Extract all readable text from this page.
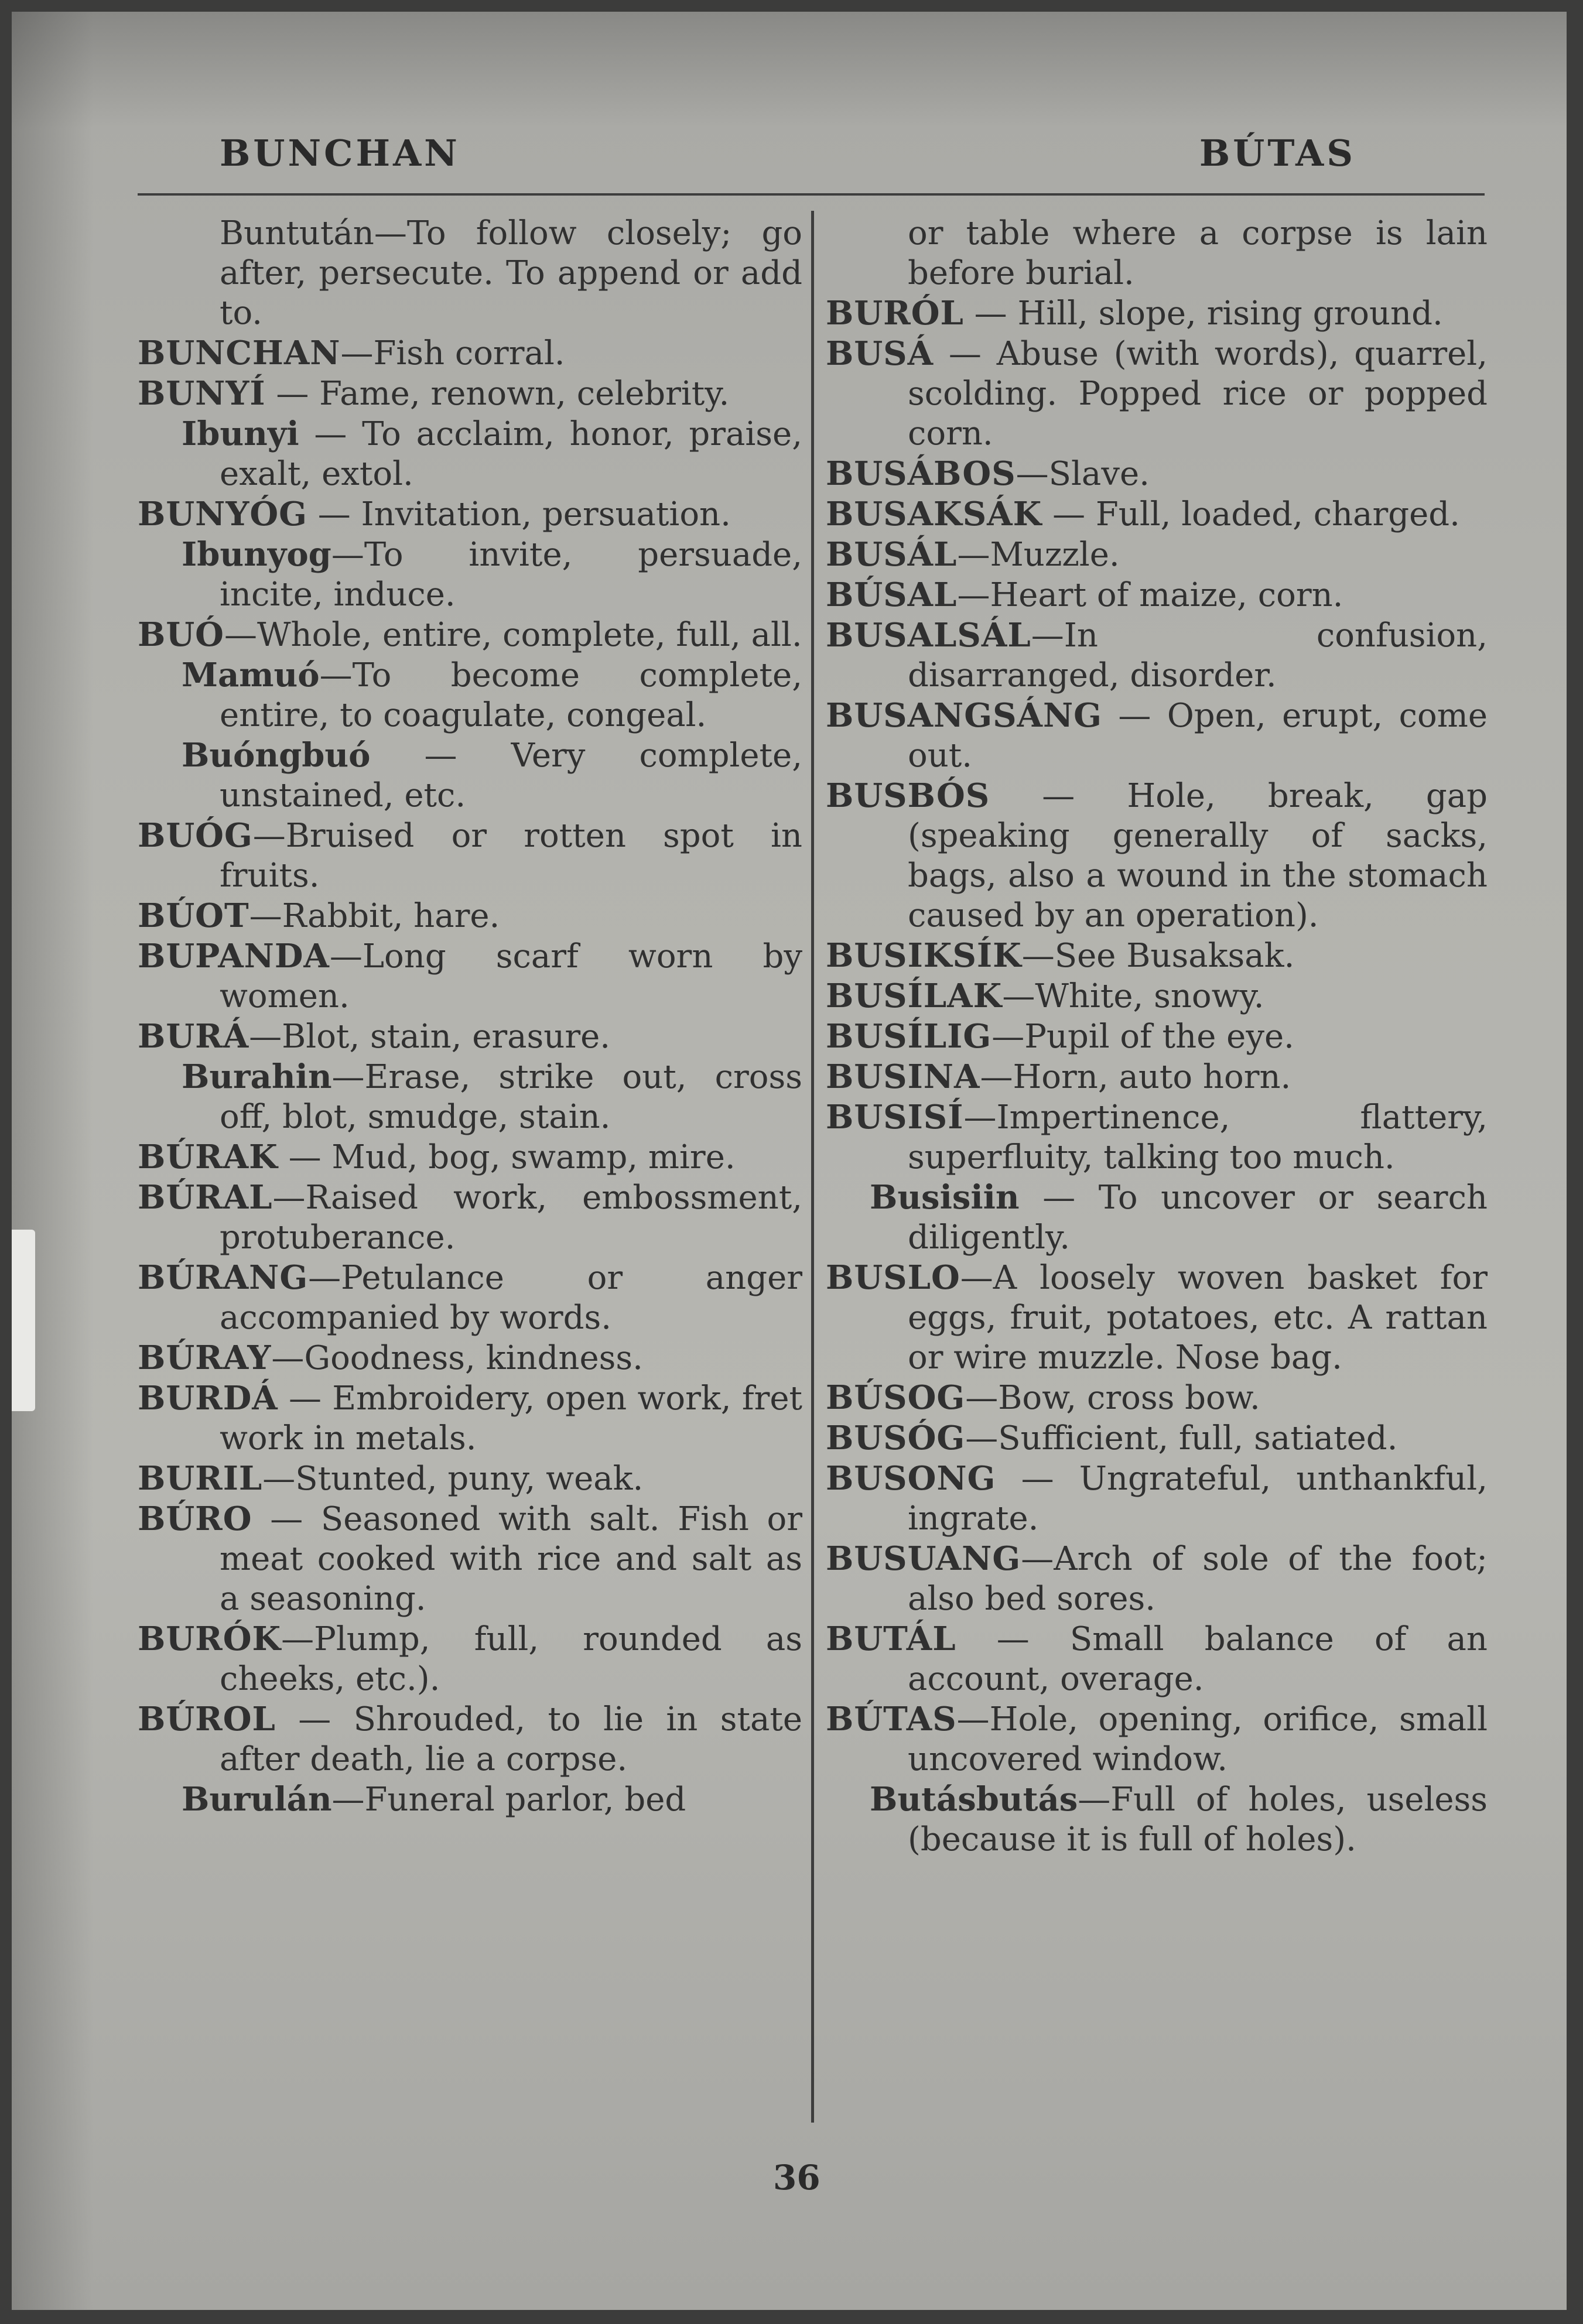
BUNCHAN	BÚTAS

Buntután—To follow closely; go after, persecute. To append or add to.

BUNCHAN—Fish corral.

BUNYÍ — Fame, renown, celebrity.

Ibunyi — To acclaim, honor, praise, exalt, extol.

BUNYÓG — Invitation, persuation.

Ibunyog—To invite, persuade, incite, induce.

BUÓ—Whole, entire, complete, full, all.

Mamuó—To become complete, entire, to coagulate, congeal.

Buóngbuó — Very complete, unstained, etc.

BUÓG—Bruised or rotten spot in fruits.

BÚOT—Rabbit, hare.

BUPANDA—Long scarf worn by women.

BURÁ—Blot, stain, erasure.

Burahin—Erase, strike out, cross off, blot, smudge, stain.

BÚRAK — Mud, bog, swamp, mire.

BÚRAL—Raised work, embossment, protuberance.

BÚRANG—Petulance or anger accompanied by words.

BÚRAY—Goodness, kindness.

BURDÁ — Embroidery, open work, fret work in metals.

BURIL—Stunted, puny, weak.

BÚRO — Seasoned with salt. Fish or meat cooked with rice and salt as a seasoning.

BURÓK—Plump, full, rounded as cheeks, etc.).

BÚROL — Shrouded, to lie in state after death, lie a corpse.

Burulán—Funeral parlor, bed

or table where a corpse is lain before burial.

BURÓL — Hill, slope, rising ground.

BUSÁ — Abuse (with words), quarrel, scolding. Popped rice or popped corn.

BUSÁBOS—Slave.

BUSAKSÁK — Full, loaded, charged.

BUSÁL—Muzzle.

BÚSAL—Heart of maize, corn.

BUSALSÁL—In confusion, disarranged, disorder.

BUSANGSÁNG — Open, erupt, come out.

BUSBÓS — Hole, break, gap (speaking generally of sacks, bags, also a wound in the stomach caused by an operation).

BUSIKSÍK—See Busaksak.

BUSÍLAK—White, snowy.

BUSÍLIG—Pupil of the eye.

BUSINA—Horn, auto horn.

BUSISÍ—Impertinence, flattery, superfluity, talking too much.

Busisiin — To uncover or search diligently.

BUSLO—A loosely woven basket for eggs, fruit, potatoes, etc. A rattan or wire muzzle. Nose bag.

BÚSOG—Bow, cross bow.

BUSÓG—Sufficient, full, satiated.

BUSONG — Ungrateful, unthankful, ingrate.

BUSUANG—Arch of sole of the foot; also bed sores.

BUTÁL — Small balance of an account, overage.

BÚTAS—Hole, opening, orifice, small uncovered window.

Butásbutás—Full of holes, useless (because it is full of holes).

36
